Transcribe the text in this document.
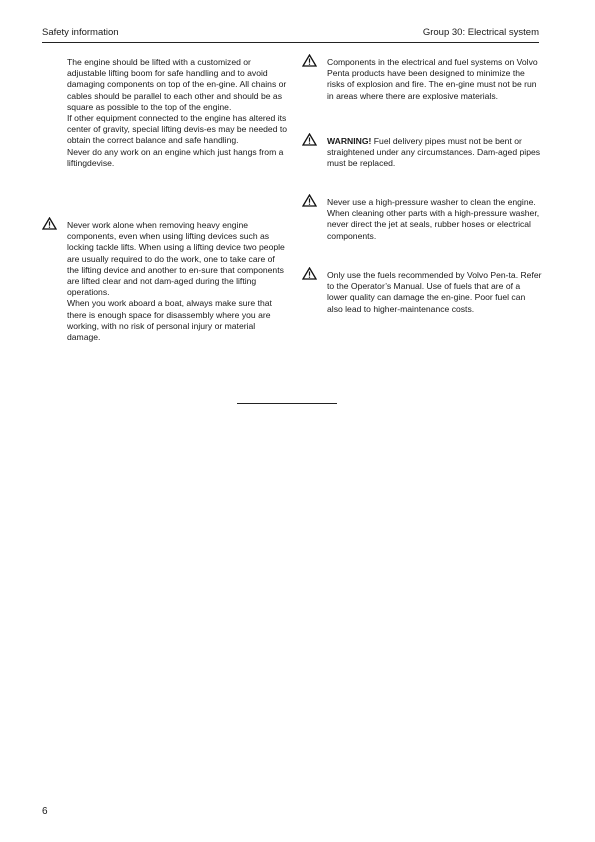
Safety information	Group 30: Electrical system

The engine should be lifted with a customized or adjustable lifting boom for safe handling and to avoid damaging components on top of the en-gine. All chains or cables should be parallel to each other and should be as square as possible to the top of the engine.

If other equipment connected to the engine has altered its center of gravity, special lifting devis-es may be needed to obtain the correct balance and safe handling.

Never do any work on an engine which just hangs from a liftingdevise.

Never work alone when removing heavy engine components, even when using lifting devices such as locking tackle lifts. When using a lifting device two people are usually required to do the work, one to take care of the lifting device and another to en-sure that components are lifted clear and not dam-aged during the lifting operations.

When you work aboard a boat, always make sure that there is enough space for disassembly where you are working, with no risk of personal injury or material damage.

Components in the electrical and fuel systems on Volvo Penta products have been designed to minimize the risks of explosion and fire. The en-gine must not be run in areas where there are explosive materials.

WARNING! Fuel delivery pipes must not be bent or straightened under any circumstances. Dam-aged pipes must be replaced.

Never use a high-pressure washer to clean the engine. When cleaning other parts with a high-pressure washer, never direct the jet at seals, rubber hoses or electrical components.

Only use the fuels recommended by Volvo Pen-ta. Refer to the Operator’s Manual. Use of fuels that are of a lower quality can damage the en-gine. Poor fuel can also lead to higher-maintenance costs.

6
